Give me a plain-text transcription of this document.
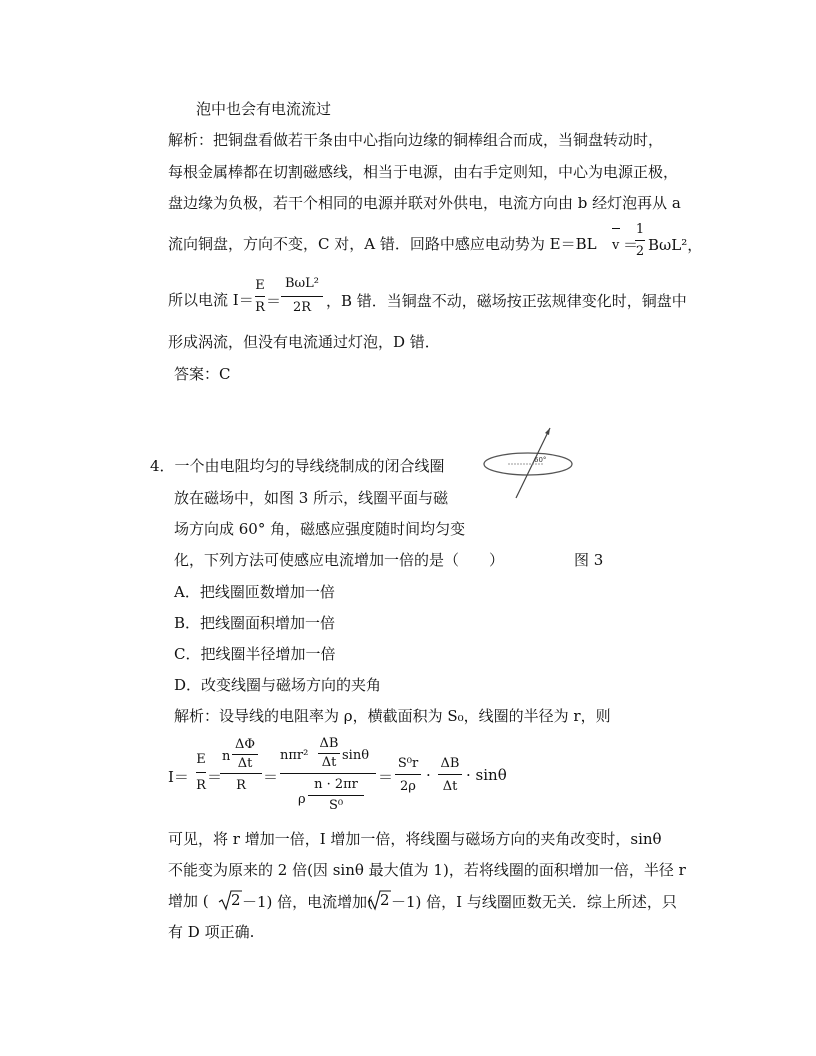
泡中也会有电流流过
解析：把铜盘看做若干条由中心指向边缘的铜棒组合而成，当铜盘转动时，
每根金属棒都在切割磁感线，相当于电源，由右手定则知，中心为电源正极，
盘边缘为负极，若干个相同的电源并联对外供电，电流方向由 b 经灯泡再从 a
流向铜盘，方向不变，C 对，A 错．回路中感应电动势为 E＝BL v ＝
1
2 BωL²，
所以电流 I＝
E
R ＝
BωL²
2R ，B 错．当铜盘不动，磁场按正弦规律变化时，铜盘中
形成涡流，但没有电流通过灯泡，D 错．
答案：C
4．一个由电阻均匀的导线绕制成的闭合线圈
放在磁场中，如图 3 所示，线圈平面与磁
场方向成 60° 角，磁感应强度随时间均匀变
化，下列方法可使感应电流增加一倍的是（　　）	图 3
60°
A．把线圈匝数增加一倍
B．把线圈面积增加一倍
C．把线圈半径增加一倍
D．改变线圈与磁场方向的夹角
解析：设导线的电阻率为 ρ，横截面积为 S₀，线圈的半径为 r，则
I＝
E
R ＝
n
ΔΦ
Δt
R	＝
nπr²
ΔB
Δt sinθ
ρ
n · 2πr
S⁰
＝
S⁰r
2ρ
·
ΔB
Δt
· sinθ
可见，将 r 增加一倍，I 增加一倍，将线圈与磁场方向的夹角改变时，sinθ
不能变为原来的 2 倍(因 sinθ 最大值为 1)，若将线圈的面积增加一倍，半径 r
增加 ( 2 －1) 倍，电流增加( 2 －1) 倍，I 与线圈匝数无关．综上所述，只
有 D 项正确.
